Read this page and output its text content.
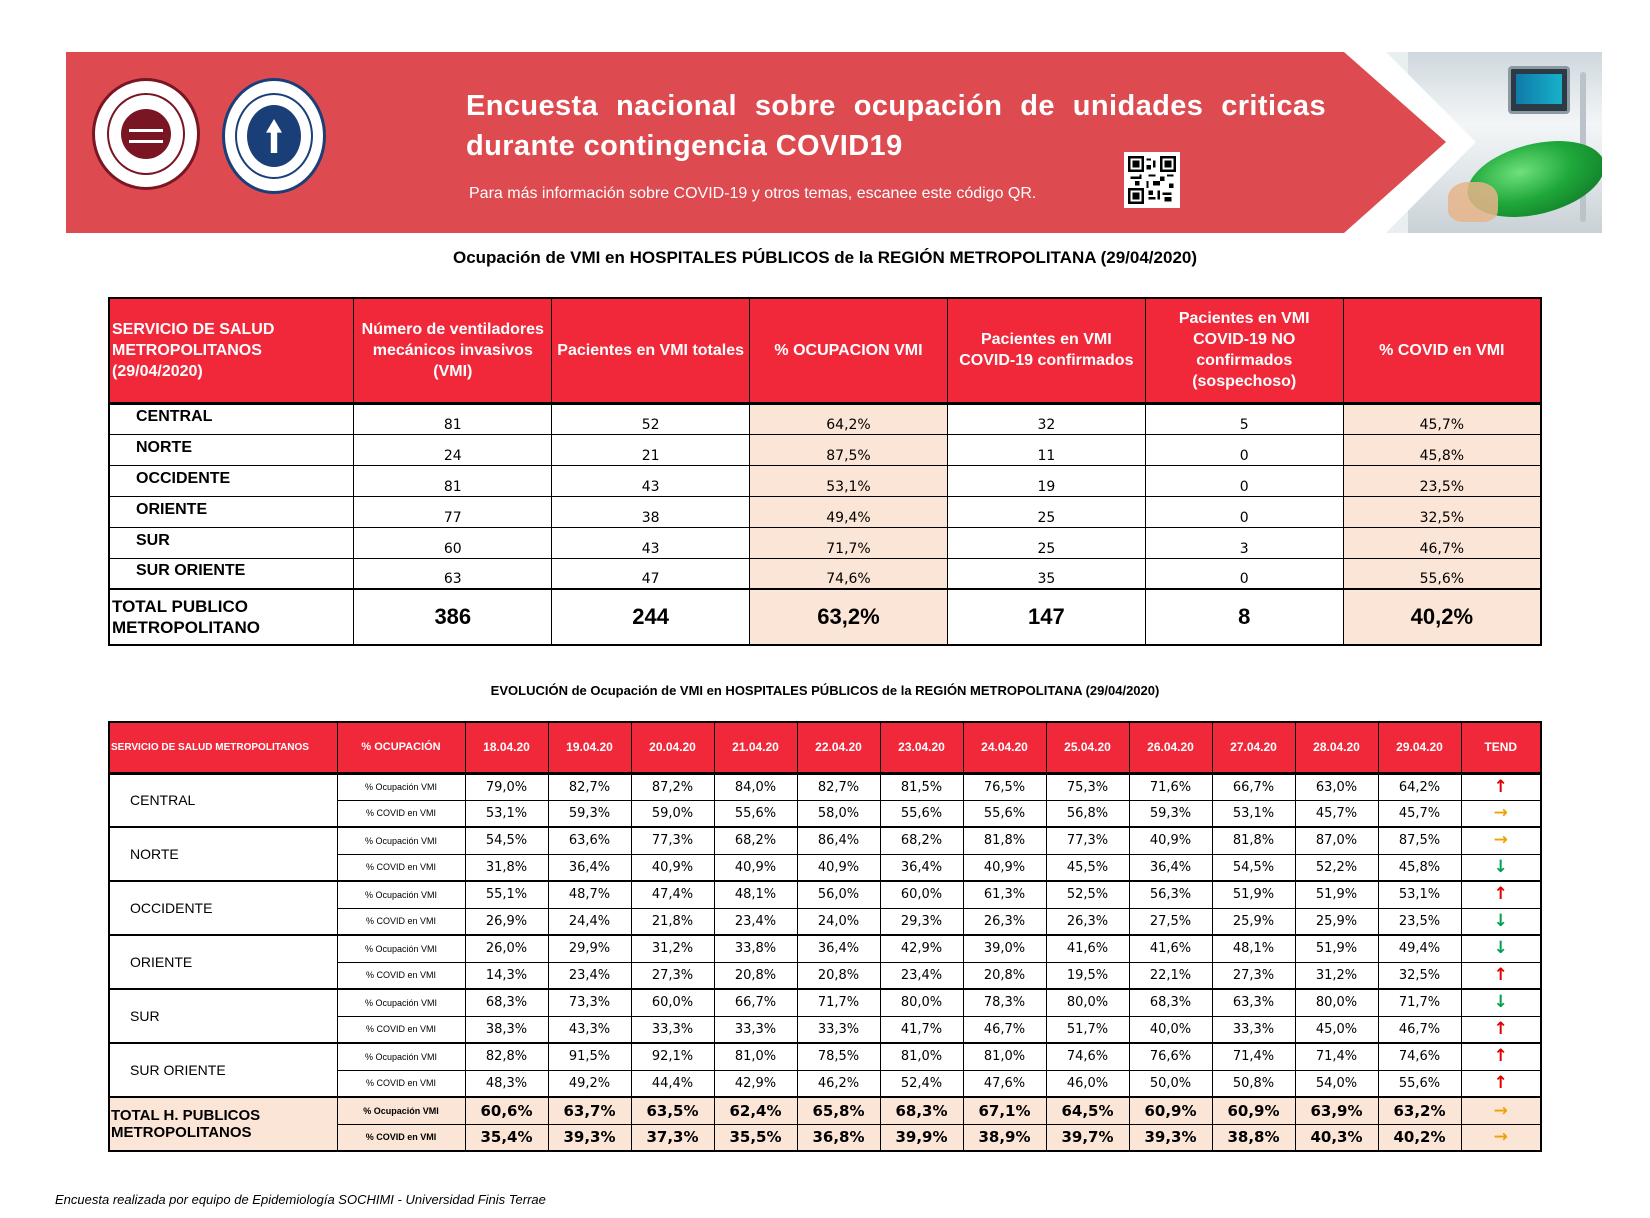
Encuesta nacional sobre ocupación de unidades criticas
durante contingencia COVID19
Para más información sobre COVID-19 y otros temas, escanee este código QR.
Ocupación de VMI en HOSPITALES PÚBLICOS de la REGIÓN METROPOLITANA (29/04/2020)
SERVICIO DE SALUD METROPOLITANOS (29/04/2020)	Número de ventiladores mecánicos invasivos (VMI)	Pacientes en VMI totales	% OCUPACION VMI	Pacientes en VMI COVID-19 confirmados	Pacientes en VMI COVID-19 NO confirmados (sospechoso)	% COVID en VMI
CENTRAL	81	52	64,2%	32	5	45,7%
NORTE	24	21	87,5%	11	0	45,8%
OCCIDENTE	81	43	53,1%	19	0	23,5%
ORIENTE	77	38	49,4%	25	0	32,5%
SUR	60	43	71,7%	25	3	46,7%
SUR ORIENTE	63	47	74,6%	35	0	55,6%
TOTAL PUBLICO METROPOLITANO	386	244	63,2%	147	8	40,2%
EVOLUCIÓN de Ocupación de VMI en HOSPITALES PÚBLICOS de la REGIÓN METROPOLITANA (29/04/2020)
SERVICIO DE SALUD METROPOLITANOS	% OCUPACIÓN	18.04.20	19.04.20	20.04.20	21.04.20	22.04.20	23.04.20	24.04.20	25.04.20	26.04.20	27.04.20	28.04.20	29.04.20	TEND
CENTRAL	% Ocupación VMI	79,0%	82,7%	87,2%	84,0%	82,7%	81,5%	76,5%	75,3%	71,6%	66,7%	63,0%	64,2%	↑
	% COVID en VMI	53,1%	59,3%	59,0%	55,6%	58,0%	55,6%	55,6%	56,8%	59,3%	53,1%	45,7%	45,7%	→
NORTE	% Ocupación VMI	54,5%	63,6%	77,3%	68,2%	86,4%	68,2%	81,8%	77,3%	40,9%	81,8%	87,0%	87,5%	→
	% COVID en VMI	31,8%	36,4%	40,9%	40,9%	40,9%	36,4%	40,9%	45,5%	36,4%	54,5%	52,2%	45,8%	↓
OCCIDENTE	% Ocupación VMI	55,1%	48,7%	47,4%	48,1%	56,0%	60,0%	61,3%	52,5%	56,3%	51,9%	51,9%	53,1%	↑
	% COVID en VMI	26,9%	24,4%	21,8%	23,4%	24,0%	29,3%	26,3%	26,3%	27,5%	25,9%	25,9%	23,5%	↓
ORIENTE	% Ocupación VMI	26,0%	29,9%	31,2%	33,8%	36,4%	42,9%	39,0%	41,6%	41,6%	48,1%	51,9%	49,4%	↓
	% COVID en VMI	14,3%	23,4%	27,3%	20,8%	20,8%	23,4%	20,8%	19,5%	22,1%	27,3%	31,2%	32,5%	↑
SUR	% Ocupación VMI	68,3%	73,3%	60,0%	66,7%	71,7%	80,0%	78,3%	80,0%	68,3%	63,3%	80,0%	71,7%	↓
	% COVID en VMI	38,3%	43,3%	33,3%	33,3%	33,3%	41,7%	46,7%	51,7%	40,0%	33,3%	45,0%	46,7%	↑
SUR ORIENTE	% Ocupación VMI	82,8%	91,5%	92,1%	81,0%	78,5%	81,0%	81,0%	74,6%	76,6%	71,4%	71,4%	74,6%	↑
	% COVID en VMI	48,3%	49,2%	44,4%	42,9%	46,2%	52,4%	47,6%	46,0%	50,0%	50,8%	54,0%	55,6%	↑
TOTAL H. PUBLICOS METROPOLITANOS	% Ocupación VMI	60,6%	63,7%	63,5%	62,4%	65,8%	68,3%	67,1%	64,5%	60,9%	60,9%	63,9%	63,2%	→
	% COVID en VMI	35,4%	39,3%	37,3%	35,5%	36,8%	39,9%	38,9%	39,7%	39,3%	38,8%	40,3%	40,2%	→
Encuesta realizada por equipo de Epidemiología SOCHIMI - Universidad Finis Terrae
